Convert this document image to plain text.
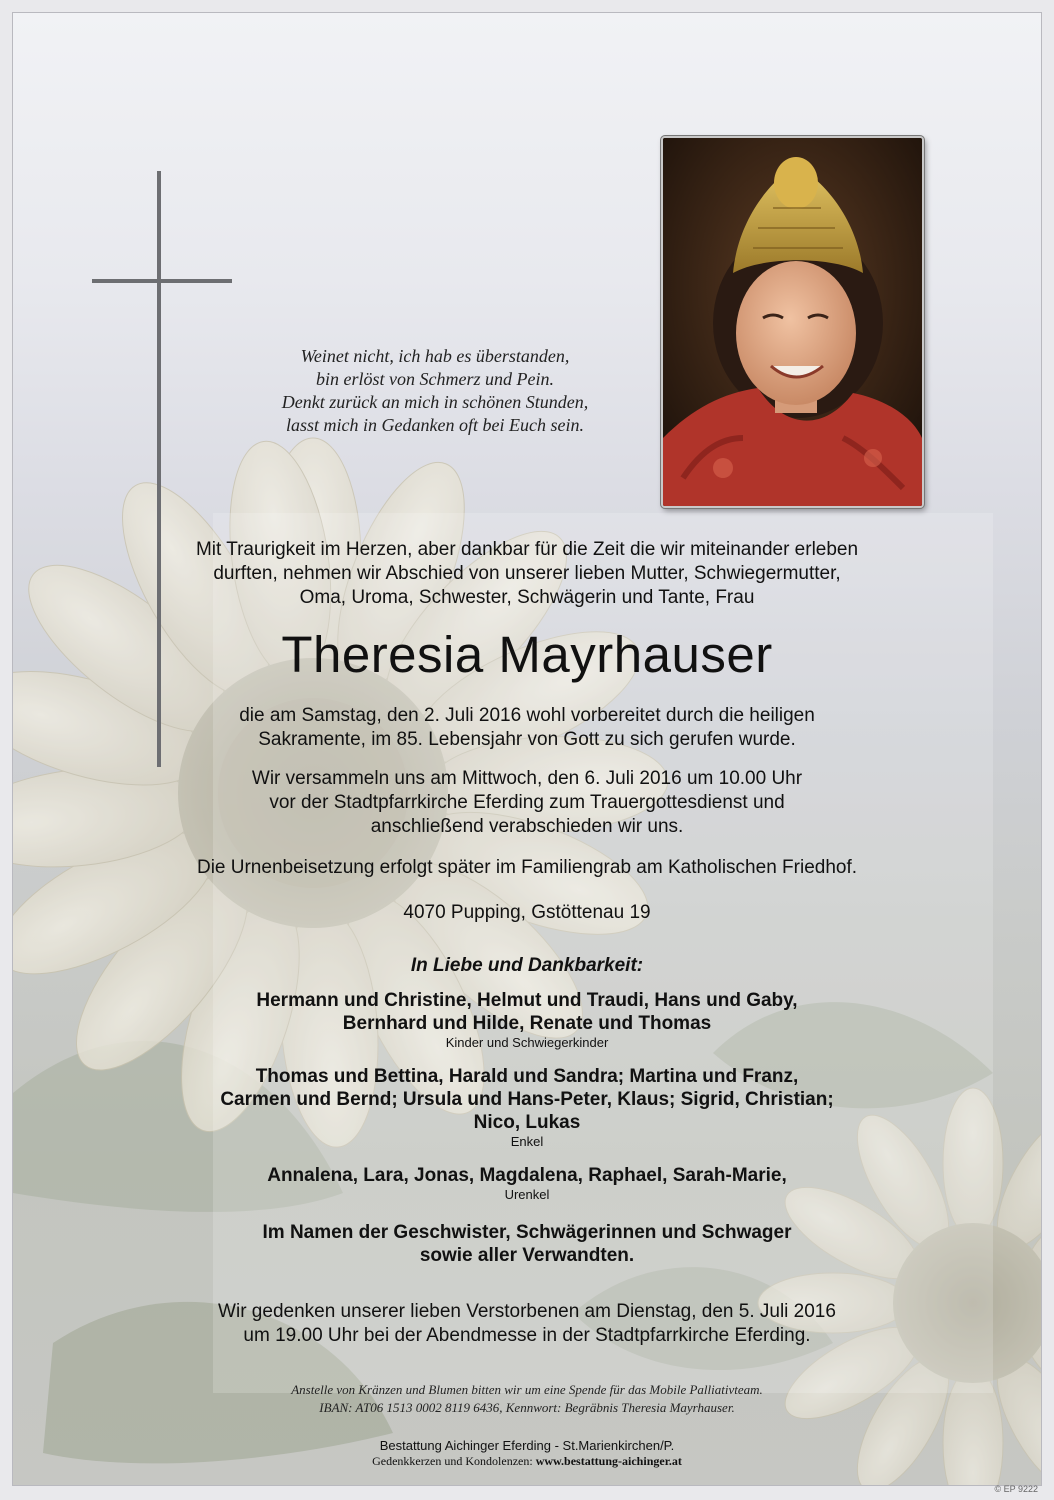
Weinet nicht, ich hab es überstanden,
bin erlöst von Schmerz und Pein.
Denkt zurück an mich in schönen Stunden,
lasst mich in Gedanken oft bei Euch sein.
Mit Traurigkeit im Herzen, aber dankbar für die Zeit die wir miteinander erleben
durften, nehmen wir Abschied von unserer lieben Mutter, Schwiegermutter,
Oma, Uroma, Schwester, Schwägerin und Tante, Frau
Theresia Mayrhauser
die am Samstag, den 2. Juli 2016 wohl vorbereitet durch die heiligen
Sakramente, im 85. Lebensjahr von Gott zu sich gerufen wurde.
Wir versammeln uns am Mittwoch, den 6. Juli 2016 um 10.00 Uhr
vor der Stadtpfarrkirche Eferding zum Trauergottesdienst und
anschließend verabschieden wir uns.
Die Urnenbeisetzung erfolgt später im Familiengrab am Katholischen Friedhof.
4070 Pupping, Gstöttenau 19
In Liebe und Dankbarkeit:
Hermann und Christine, Helmut und Traudi, Hans und Gaby,
Bernhard und Hilde, Renate und Thomas
Kinder und Schwiegerkinder
Thomas und Bettina, Harald und Sandra; Martina und Franz,
Carmen und Bernd; Ursula und Hans-Peter, Klaus; Sigrid, Christian;
Nico, Lukas
Enkel
Annalena, Lara, Jonas, Magdalena, Raphael, Sarah-Marie,
Urenkel
Im Namen der Geschwister, Schwägerinnen und Schwager
sowie aller Verwandten.
Wir gedenken unserer lieben Verstorbenen am Dienstag, den 5. Juli 2016
um 19.00 Uhr bei der Abendmesse in der Stadtpfarrkirche Eferding.
Anstelle von Kränzen und Blumen bitten wir um eine Spende für das Mobile Palliativteam.
IBAN: AT06 1513 0002 8119 6436, Kennwort: Begräbnis Theresia Mayrhauser.
Bestattung Aichinger Eferding - St.Marienkirchen/P.
Gedenkkerzen und Kondolenzen: www.bestattung-aichinger.at
© EP 9222
